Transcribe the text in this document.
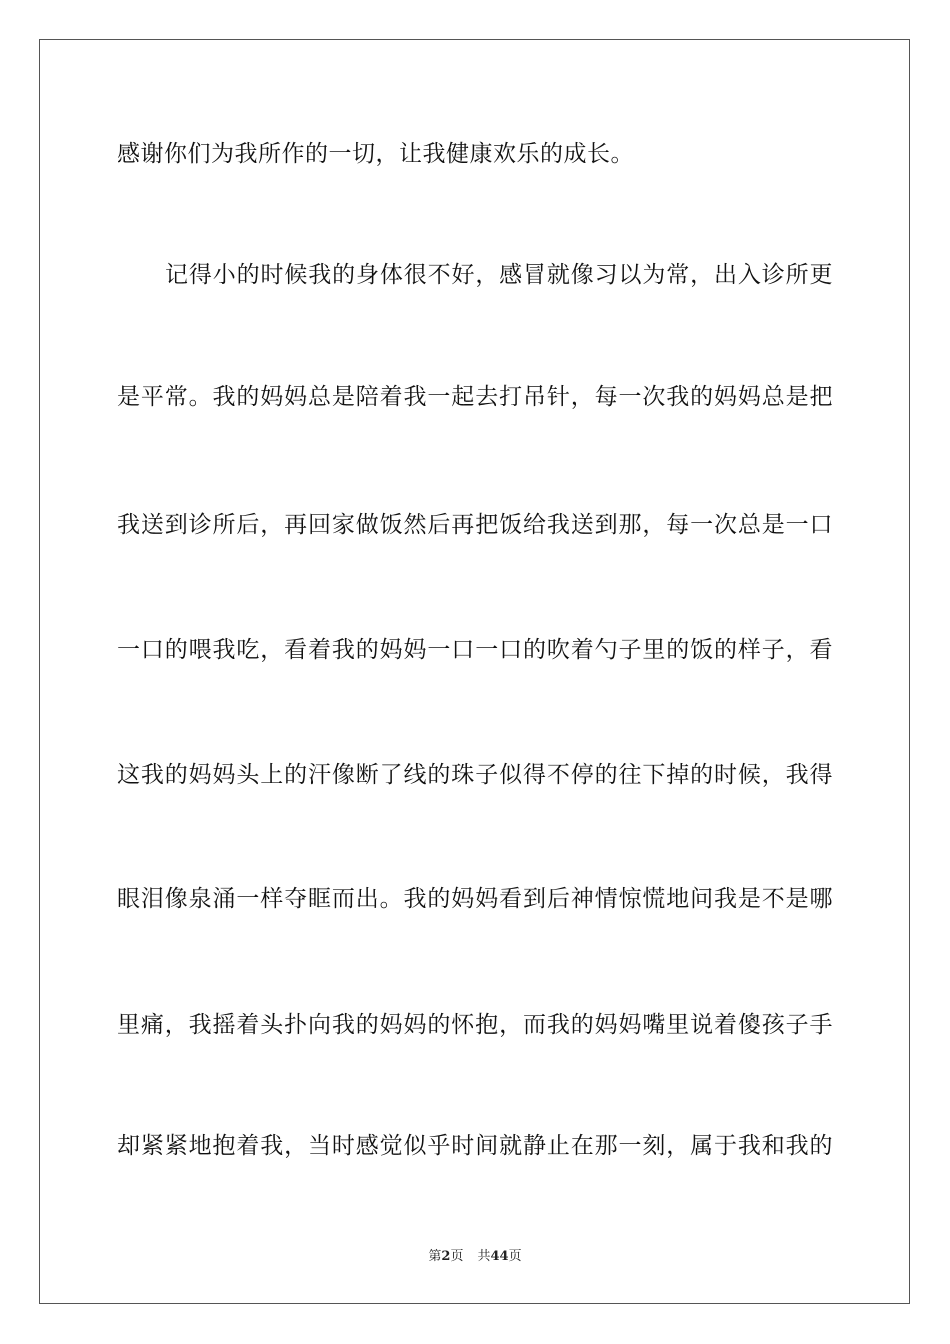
感谢你们为我所作的一切，让我健康欢乐的成长。
记得小的时候我的身体很不好，感冒就像习以为常，出入诊所更
是平常。我的妈妈总是陪着我一起去打吊针，每一次我的妈妈总是把
我送到诊所后，再回家做饭然后再把饭给我送到那，每一次总是一口
一口的喂我吃，看着我的妈妈一口一口的吹着勺子里的饭的样子，看
这我的妈妈头上的汗像断了线的珠子似得不停的往下掉的时候，我得
眼泪像泉涌一样夺眶而出。我的妈妈看到后神情惊慌地问我是不是哪
里痛，我摇着头扑向我的妈妈的怀抱，而我的妈妈嘴里说着傻孩子手
却紧紧地抱着我，当时感觉似乎时间就静止在那一刻，属于我和我的
第2页 共44页
